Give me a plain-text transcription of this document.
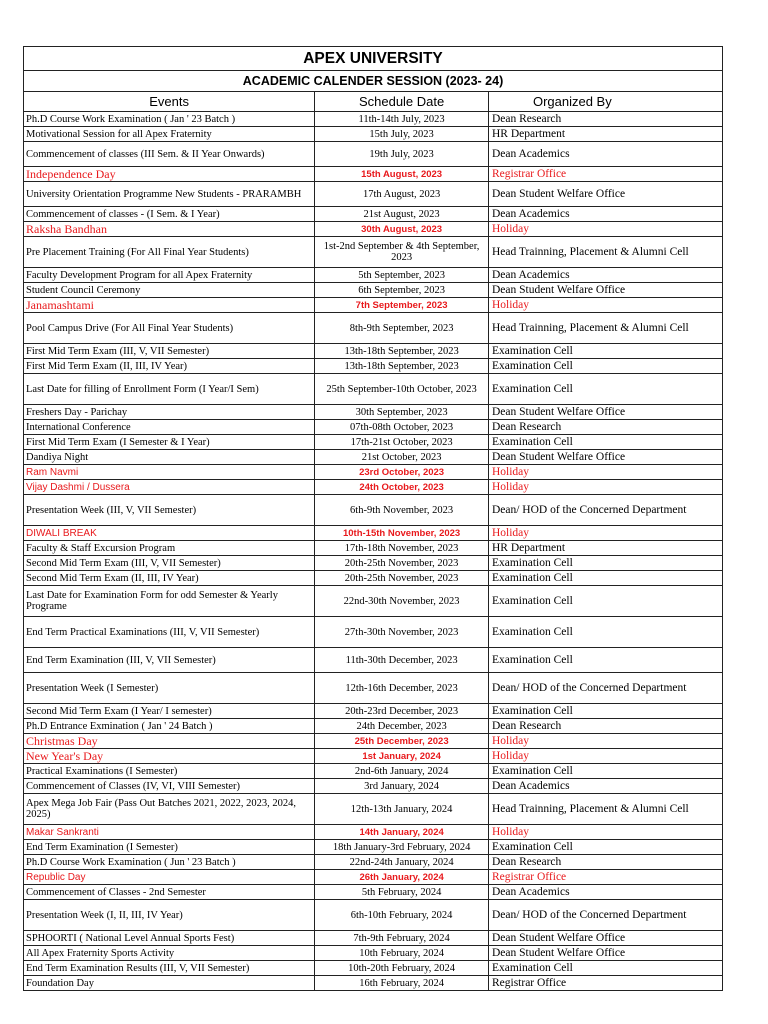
APEX UNIVERSITY		
ACADEMIC CALENDER SESSION (2023- 24)		
Events	Schedule Date	Organized By
Ph.D Course Work Examination ( Jan ' 23 Batch )	11th-14th July, 2023	Dean Research
Motivational Session for all Apex Fraternity	15th July, 2023	HR Department
Commencement of classes (III Sem. & II Year Onwards)	19th July, 2023	Dean Academics
Independence Day	15th August, 2023	Registrar Office
University Orientation Programme New Students - PRARAMBH	17th August, 2023	Dean Student Welfare Office
Commencement of classes - (I Sem. & I Year)	21st August, 2023	Dean Academics
Raksha Bandhan	30th August, 2023	Holiday
Pre Placement Training (For All Final Year Students)	1st-2nd September & 4th September, 2023	Head Trainning, Placement & Alumni Cell
Faculty Development Program for all Apex Fraternity	5th September, 2023	Dean Academics
Student Council Ceremony	6th September, 2023	Dean Student Welfare Office
Janamashtami	7th September, 2023	Holiday
Pool Campus Drive (For All Final Year Students)	8th-9th September, 2023	Head Trainning, Placement & Alumni Cell
First Mid Term Exam (III, V, VII Semester)	13th-18th September, 2023	Examination Cell
First Mid Term Exam (II, III, IV Year)	13th-18th September, 2023	Examination Cell
Last Date for filling of Enrollment Form (I Year/I Sem)	25th September-10th October, 2023	Examination Cell
Freshers Day - Parichay	30th September, 2023	Dean Student Welfare Office
International Conference	07th-08th October, 2023	Dean Research
First Mid Term Exam (I Semester & I Year)	17th-21st October, 2023	Examination Cell
Dandiya Night	21st October, 2023	Dean Student Welfare Office
Ram Navmi	23rd October, 2023	Holiday
Vijay Dashmi / Dussera	24th October, 2023	Holiday
Presentation Week (III, V, VII Semester)	6th-9th November, 2023	Dean/ HOD of the Concerned Department
DIWALI BREAK	10th-15th November, 2023	Holiday
Faculty & Staff Excursion Program	17th-18th November, 2023	HR Department
Second Mid Term Exam (III, V, VII Semester)	20th-25th November, 2023	Examination Cell
Second Mid Term Exam (II, III, IV Year)	20th-25th November, 2023	Examination Cell
Last Date for Examination Form for odd Semester & Yearly Programe	22nd-30th November, 2023	Examination Cell
End Term Practical Examinations (III, V, VII Semester)	27th-30th November, 2023	Examination Cell
End Term Examination (III, V, VII Semester)	11th-30th December, 2023	Examination Cell
Presentation Week (I Semester)	12th-16th December, 2023	Dean/ HOD of the Concerned Department
Second Mid Term Exam (I Year/ I semester)	20th-23rd December, 2023	Examination Cell
Ph.D Entrance Exmination ( Jan ' 24 Batch )	24th December, 2023	Dean Research
Christmas Day	25th December, 2023	Holiday
New Year's Day	1st January, 2024	Holiday
Practical Examinations (I Semester)	2nd-6th January, 2024	Examination Cell
Commencement of Classes (IV, VI, VIII Semester)	3rd January, 2024	Dean Academics
Apex Mega Job Fair (Pass Out Batches 2021, 2022, 2023, 2024, 2025)	12th-13th January, 2024	Head Trainning, Placement & Alumni Cell
Makar Sankranti	14th January, 2024	Holiday
End Term Examination (I Semester)	18th January-3rd February, 2024	Examination Cell
Ph.D Course Work Examination ( Jun ' 23 Batch )	22nd-24th January, 2024	Dean Research
Republic Day	26th January, 2024	Registrar Office
Commencement of Classes - 2nd Semester	5th February, 2024	Dean Academics
Presentation Week (I, II, III, IV Year)	6th-10th February, 2024	Dean/ HOD of the Concerned Department
SPHOORTI ( National Level Annual Sports Fest)	7th-9th February, 2024	Dean Student Welfare Office
All Apex Fraternity Sports Activity	10th February, 2024	Dean Student Welfare Office
End Term Examination Results (III, V, VII Semester)	10th-20th February, 2024	Examination Cell
Foundation Day	16th February, 2024	Registrar Office
